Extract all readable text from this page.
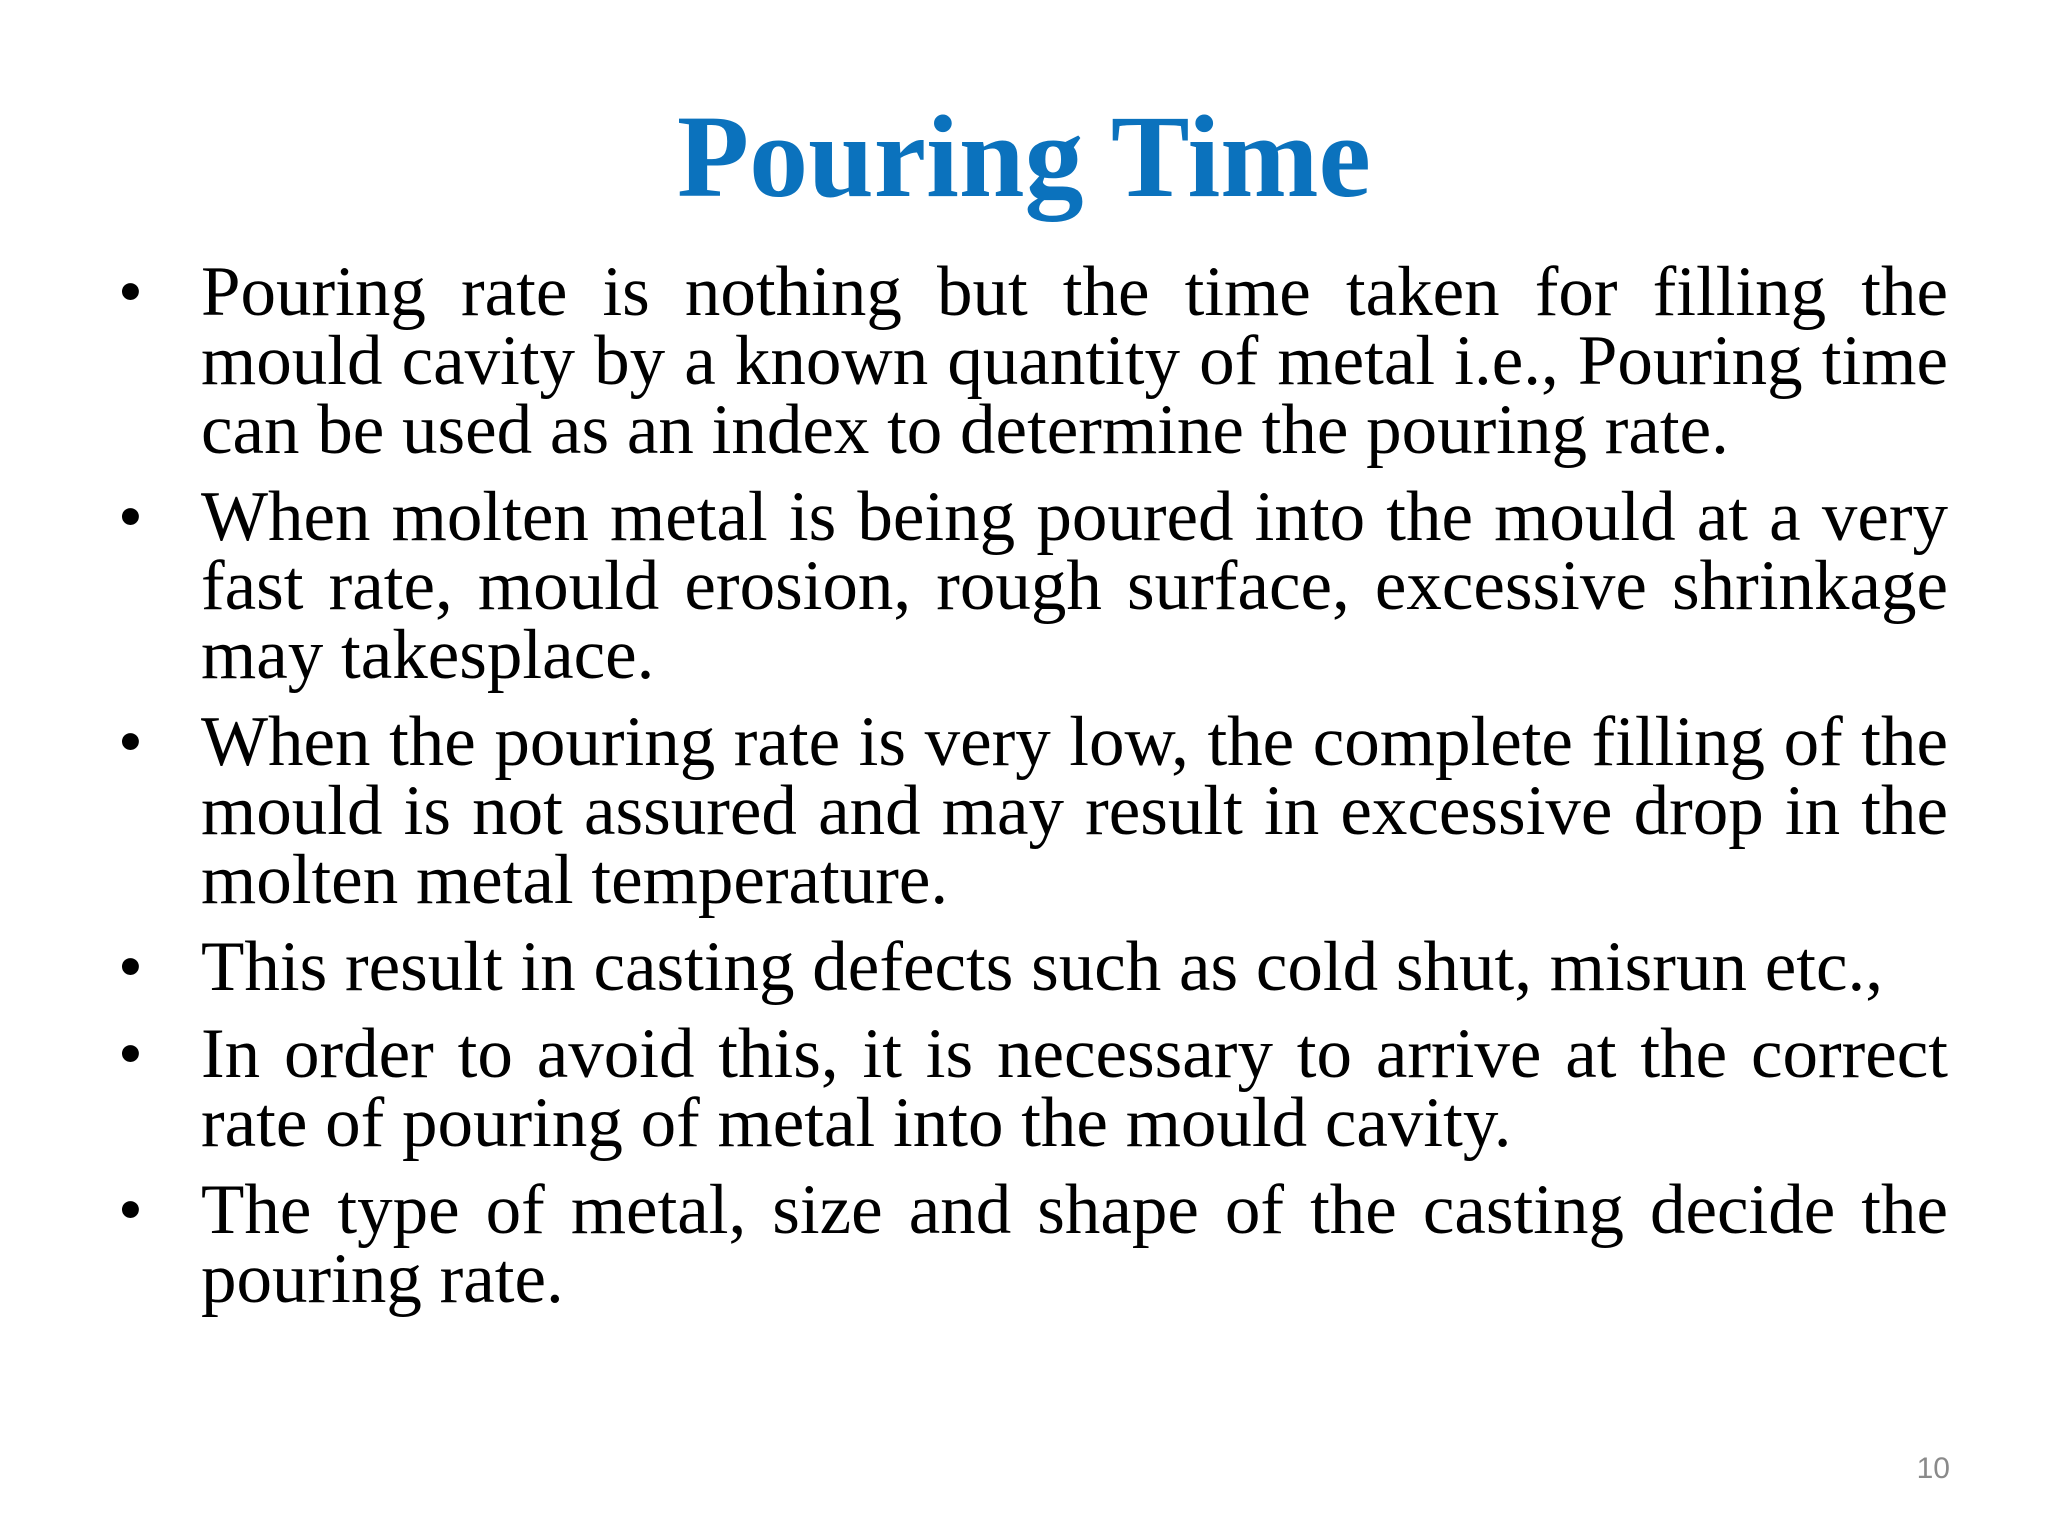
Pouring Time
• Pouring rate is nothing but the time taken for filling the mould cavity by a known quantity of metal i.e., Pouring time can be used as an index to determine the pouring rate.
• When molten metal is being poured into the mould at a very fast rate, mould erosion, rough surface, excessive shrinkage may takesplace.
• When the pouring rate is very low, the complete filling of the mould is not assured and may result in excessive drop in the molten metal temperature.
• This result in casting defects such as cold shut, misrun etc.,
• In order to avoid this, it is necessary to arrive at the correct rate of pouring of metal into the mould cavity.
• The type of metal, size and shape of the casting decide the pouring rate.
10
